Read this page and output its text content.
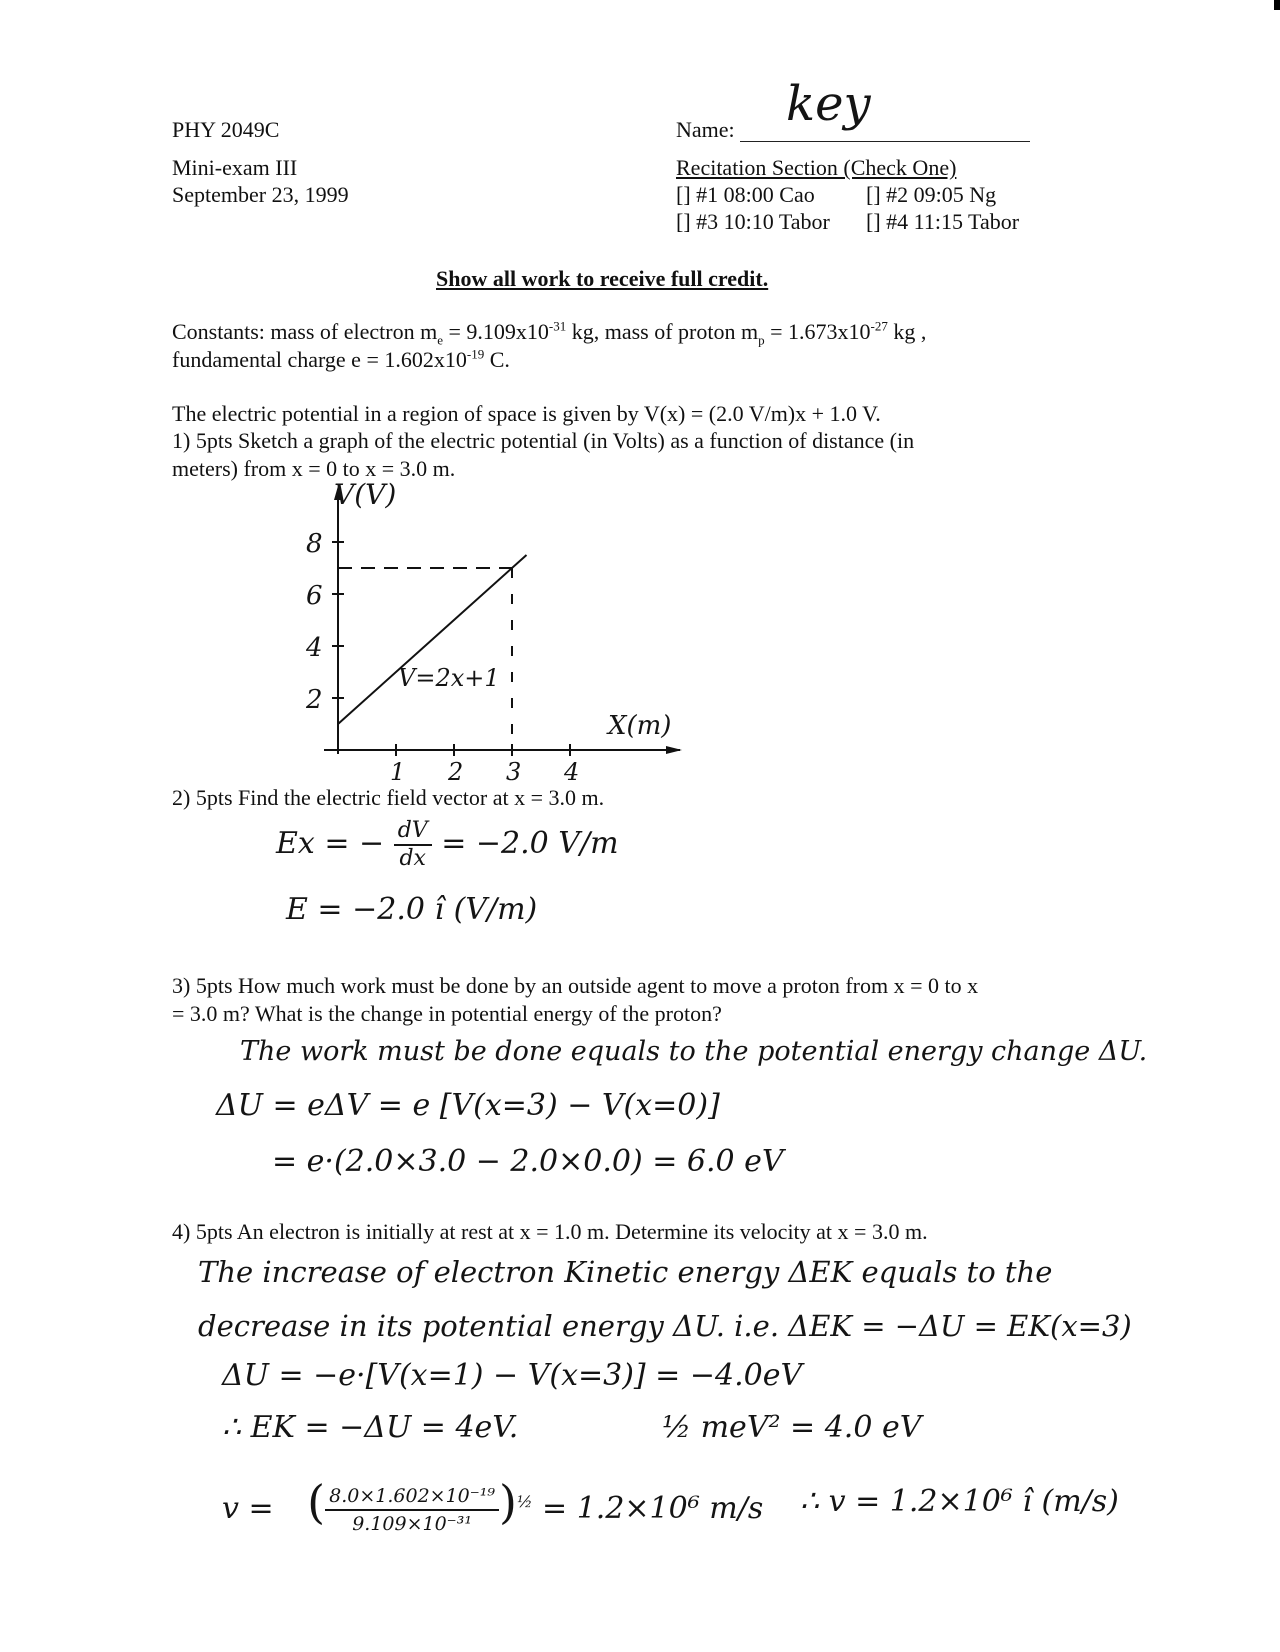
PHY 2049C
Mini-exam III
September 23, 1999
Name: key
Recitation Section (Check One)
[] #1 08:00 Cao [] #2 09:05 Ng
[] #3 10:10 Tabor [] #4 11:15 Tabor
Show all work to receive full credit.
Constants: mass of electron $m_e = 9.109x10^{-31}$ kg, mass of proton $m_p = 1.673x10^{-27}$ kg ,
fundamental charge $e = 1.602x10^{-19}$ C.
The electric potential in a region of space is given by V(x) = (2.0 V/m)x + 1.0 V.
1) 5pts Sketch a graph of the electric potential (in Volts) as a function of distance (in
meters) from x = 0 to x = 3.0 m.
V(V)
X(m)
V=2x+1
2
4
6
8
1 2 3 4
2) 5pts Find the electric field vector at x = 3.0 m.
Ex = − $\frac{dV}{dx} = -2.0$ V/m
E = −2.0 î (V/m)
3) 5pts How much work must be done by an outside agent to move a proton from x = 0 to x
= 3.0 m? What is the change in potential energy of the proton?
The work must be done equals to the potential energy change ΔU.
ΔU = eΔV = e [V(x=3) − V(x=0)]
= e·(2.0×3.0 − 2.0×0.0) = 6.0 eV
4) 5pts An electron is initially at rest at x = 1.0 m. Determine its velocity at x = 3.0 m.
The increase of electron Kinetic energy ΔEK equals to the
decrease in its potential energy ΔU. i.e. ΔEK = −ΔU = EK(x=3)
ΔU = −e·[V(x=1) − V(x=3)] = −4.0eV
∴ EK = −ΔU = 4eV.	½ meV² = 4.0 eV
v = ( $\frac{\text{8.0×1.602×10⁻¹⁹}}{\text{9.109×10⁻³¹}} )^{\frac{1}{2}} = 1.2\times 10^6$ m/s ∴ v = 1.2×10⁶ î (m/s)
